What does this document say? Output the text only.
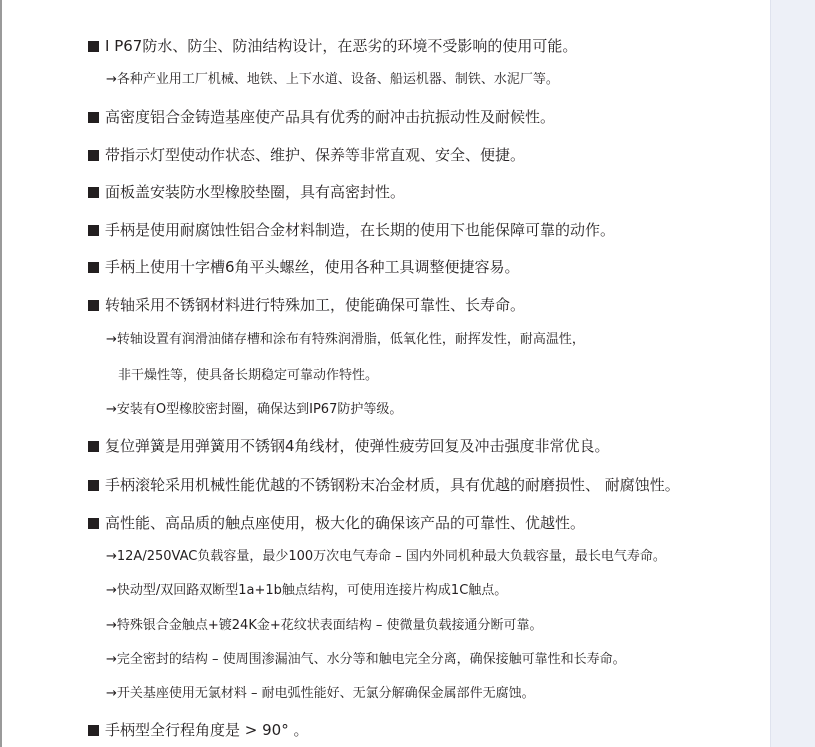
I P67防水、防尘、防油结构设计，在恶劣的环境不受影响的使用可能。
→各种产业用工厂机械、地铁、上下水道、设备、船运机器、制铁、水泥厂等。
高密度铝合金铸造基座使产品具有优秀的耐冲击抗振动性及耐候性。
带指示灯型使动作状态、维护、保养等非常直观、安全、便捷。
面板盖安装防水型橡胶垫圈，具有高密封性。
手柄是使用耐腐蚀性铝合金材料制造，在长期的使用下也能保障可靠的动作。
手柄上使用十字槽6角平头螺丝，使用各种工具调整便捷容易。
转轴采用不锈钢材料进行特殊加工，使能确保可靠性、长寿命。
→转轴设置有润滑油储存槽和涂布有特殊润滑脂，低氧化性，耐挥发性，耐高温性，
非干燥性等，使具备长期稳定可靠动作特性。
→安装有O型橡胶密封圈，确保达到IP67防护等级。
复位弹簧是用弹簧用不锈钢4角线材，使弹性疲劳回复及冲击强度非常优良。
手柄滚轮采用机械性能优越的不锈钢粉末冶金材质，具有优越的耐磨损性、 耐腐蚀性。
高性能、高品质的触点座使用，极大化的确保该产品的可靠性、优越性。
→12A/250VAC负载容量，最少100万次电气寿命 – 国内外同机种最大负载容量，最长电气寿命。
→快动型/双回路双断型1a+1b触点结构，可使用连接片构成1C触点。
→特殊银合金触点+镀24K金+花纹状表面结构 – 使微量负载接通分断可靠。
→完全密封的结构 – 使周围渗漏油气、水分等和触电完全分离，确保接触可靠性和长寿命。
→开关基座使用无氯材料 – 耐电弧性能好、无氯分解确保金属部件无腐蚀。
手柄型全行程角度是 > 90° 。
